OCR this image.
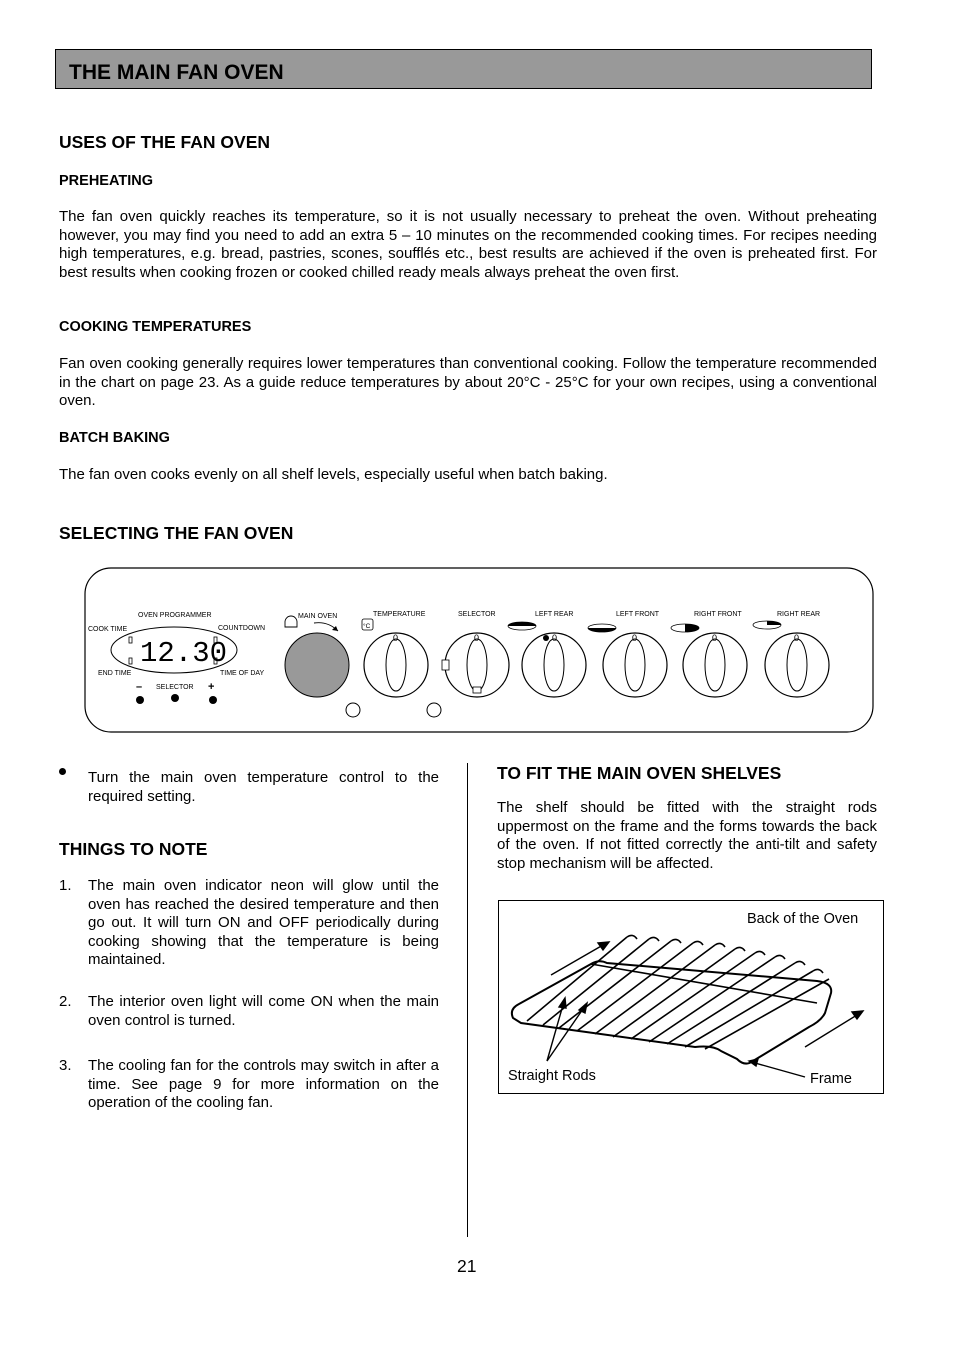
THE MAIN FAN OVEN
USES OF THE FAN OVEN
PREHEATING

The fan oven quickly reaches its temperature, so it is not usually necessary to preheat the oven. Without preheating however, you may find you need to add an extra 5 – 10 minutes on the recommended cooking times. For recipes needing high temperatures, e.g. bread, pastries, scones, soufflés etc., best results are achieved if the oven is preheated first. For best results when cooking frozen or cooked chilled ready meals always preheat the oven first.

COOKING TEMPERATURES

Fan oven cooking generally requires lower temperatures than conventional cooking. Follow the temperature recommended in the chart on page 23. As a guide reduce temperatures by about 20°C - 25°C for your own recipes, using a conventional oven.

BATCH BAKING

The fan oven cooks evenly on all shelf levels, especially useful when batch baking.

SELECTING THE FAN OVEN
OVEN PROGRAMMER
COOK TIME	COUNTDOWN
END TIME	TIME OF DAY
12.30
– SELECTOR +
MAIN OVEN	TEMPERATURE
°C
0
SELECTOR
0
LEFT REAR	LEFT FRONT	RIGHT FRONT	RIGHT REAR
0	0	0	0

Turn the main oven temperature control to the required setting.

THINGS TO NOTE
1. The main oven indicator neon will glow until the oven has reached the desired temperature and then go out. It will turn ON and OFF periodically during cooking showing that the temperature is being maintained.

2. The interior oven light will come ON when the main oven control is turned.

3. The cooling fan for the controls may switch in after a time. See page 9 for more information on the operation of the cooling fan.

TO FIT THE MAIN OVEN SHELVES

The shelf should be fitted with the straight rods uppermost on the frame and the forms towards the back of the oven. If not fitted correctly the anti-tilt and safety stop mechanism will be affected.

Back of the Oven
Straight Rods	Frame
21
